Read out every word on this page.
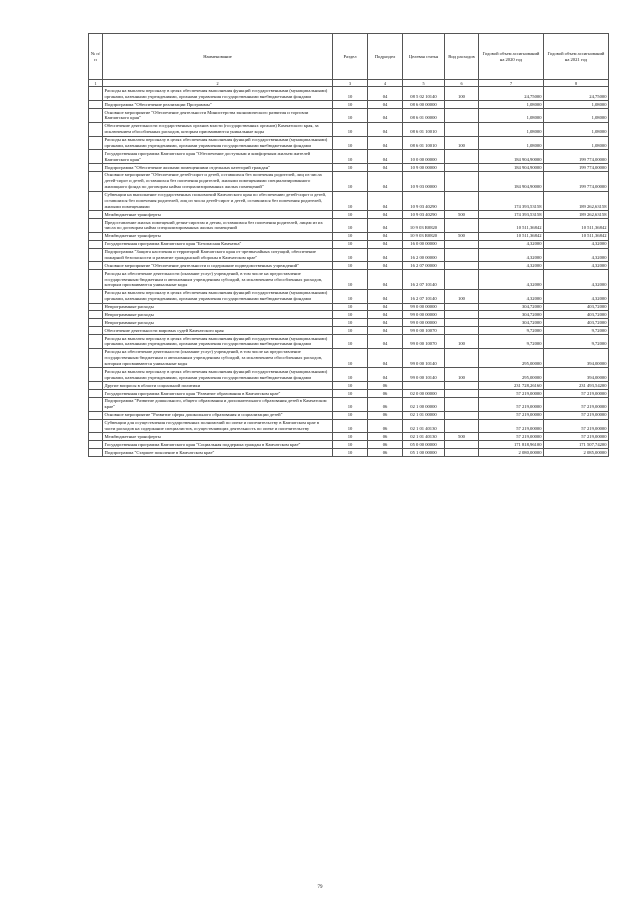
№ п/п	Наименование	Раздел	Подраздел	Целевая статья	Вид расходов	Годовой объем ассигнований на 2020 год	Годовой объем ассигнований на 2021 год
1	2	3	4	5	6	7	8
	Расходы на выплаты персоналу в целях обеспечения выполнения функций государственными (муниципальными) органами, казенными учреждениями, органами управления государственными внебюджетными фондами	10	04	08 5 02 10140	100	24,75000	24,75000
	Подпрограмма "Обеспечение реализации Программы"	10	04	08 6 00 00000		1,08000	1,08000
	Основное мероприятие "Обеспечение деятельности Министерства экономического развития и торговли Камчатского края"	10	04	08 6 01 00000		1,08000	1,08000
	Обеспечение деятельности государственных органов власти (государственных органов) Камчатского края, за исключением обособленных расходов, которым присваиваются уникальные коды	10	04	08 6 01 10010		1,08000	1,08000
	Расходы на выплаты персоналу в целях обеспечения выполнения функций государственными (муниципальными) органами, казенными учреждениями, органами управления государственными внебюджетными фондами	10	04	08 6 01 10010	100	1,08000	1,08000
	Государственная программа Камчатского края "Обеспечение доступным и комфортным жильем жителей Камчатского края"	10	04	10 0 00 00000		184 904,90000	199 774,00000
	Подпрограмма "Обеспечение жилыми помещениями отдельных категорий граждан"	10	04	10 9 00 00000		184 904,90000	199 774,00000
	Основное мероприятие "Обеспечение детей-сирот и детей, оставшихся без попечения родителей, лиц из числа детей-сирот и детей, оставшихся без попечения родителей, жилыми помещениями специализированного жилищного фонда по договорам найма специализированных жилых помещений"	10	04	10 9 03 00000		184 904,90000	199 774,00000
	Субвенции на выполнение государственных полномочий Камчатского края по обеспечению детей-сирот и детей, оставшихся без попечения родителей, лиц из числа детей-сирот и детей, оставшихся без попечения родителей, жилыми помещениями	10	04	10 9 03 40290		174 393,53158	189 262,63158
	Межбюджетные трансферты	10	04	10 9 03 40290	500	174 393,53158	189 262,63158
	Предоставление жилых помещений детям-сиротам и детям, оставшимся без попечения родителей, лицам из их числа по договорам найма специализированных жилых помещений	10	04	10 9 03 R0820		10 511,36842	10 511,36842
	Межбюджетные трансферты	10	04	10 9 03 R0820	500	10 511,36842	10 511,36842
	Государственная программа Камчатского края "Безопасная Камчатка"	10	04	16 0 00 00000		4,32000	4,32000
	Подпрограмма "Защита населения и территорий Камчатского края от чрезвычайных ситуаций, обеспечение пожарной безопасности и развитие гражданской обороны в Камчатском крае"	10	04	16 2 00 00000		4,32000	4,32000
	Основное мероприятие "Обеспечение деятельности и содержание подведомственных учреждений"	10	04	16 2 07 00000		4,32000	4,32000
	Расходы на обеспечение деятельности (оказание услуг) учреждений, в том числе на предоставление государственным бюджетным и автономным учреждениям субсидий, за исключением обособленных расходов, которым присваиваются уникальные коды	10	04	16 2 07 10140		4,32000	4,32000
	Расходы на выплаты персоналу в целях обеспечения выполнения функций государственными (муниципальными) органами, казенными учреждениями, органами управления государственными внебюджетными фондами	10	04	16 2 07 10140	100	4,32000	4,32000
	Непрограммные расходы	10	04	99 0 00 00000		304,72000	403,72000
	Непрограммные расходы	10	04	99 0 00 00000		304,72000	403,72000
	Непрограммные расходы	10	04	99 0 00 00000		304,72000	403,72000
	Обеспечение деятельности мировых судей Камчатского края	10	04	99 0 00 10070		9,72000	9,72000
	Расходы на выплаты персоналу в целях обеспечения выполнения функций государственными (муниципальными) органами, казенными учреждениями, органами управления государственными внебюджетными фондами	10	04	99 0 00 10070	100	9,72000	9,72000
	Расходы на обеспечение деятельности (оказание услуг) учреждений, в том числе на предоставление государственным бюджетным и автономным учреждениям субсидий, за исключением обособленных расходов, которым присваиваются уникальные коды	10	04	99 0 00 10140		295,00000	394,00000
	Расходы на выплаты персоналу в целях обеспечения выполнения функций государственными (муниципальными) органами, казенными учреждениями, органами управления государственными внебюджетными фондами	10	04	99 0 00 10140	100	295,00000	394,00000
	Другие вопросы в области социальной политики	10	06			231 728,26160	231 493,54200
	Государственная программа Камчатского края "Развитие образования в Камчатском крае"	10	06	02 0 00 00000		57 219,00000	57 219,00000
	Подпрограмма "Развитие дошкольного, общего образования и дополнительного образования детей в Камчатском крае"	10	06	02 1 00 00000		57 219,00000	57 219,00000
	Основное мероприятие "Развитие сферы дошкольного образования и социализации детей"	10	06	02 1 01 00000		57 219,00000	57 219,00000
	Субвенции для осуществления государственных полномочий по опеке и попечительству в Камчатском крае в части расходов на содержание специалистов, осуществляющих деятельность по опеке и попечительству	10	06	02 1 01 40130		57 219,00000	57 219,00000
	Межбюджетные трансферты	10	06	02 1 01 40130	500	57 219,00000	57 219,00000
	Государственная программа Камчатского края "Социальная поддержка граждан в Камчатском крае"	10	06	05 0 00 00000		171 818,96100	171 507,74200
	Подпрограмма "Старшее поколение в Камчатском крае"	10	06	05 1 00 00000		2 080,00000	2 085,00000
79
